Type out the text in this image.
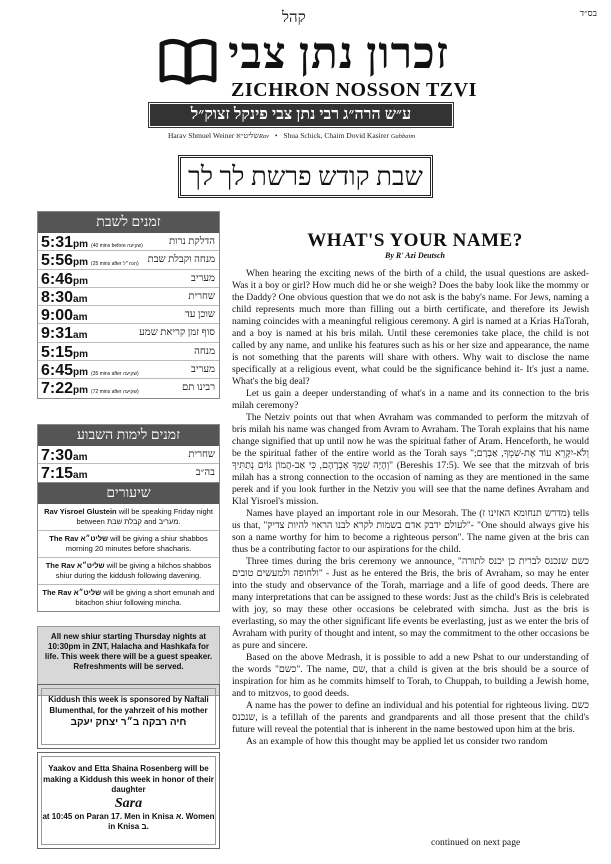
בס״ד
קהל
זכרון נתן צבי
ZICHRON NOSSON TZVI
ע״ש הרה״ג רבי נתן צבי פינקל זצוק״ל
Harav Shmuel Weiner שליט״אRav • Shua Schick, Chaim Dovid Kasirer Gabbaim
שבת קודש פרשת לך לך
זמנים לשבת
5:31pm (40 mins before שקיעה)	הדלקת נרות
5:56pm (25 mins after הנה״ל) מנחה וקבלת שבת
6:46pm	מעריב
8:30am	שחרית
9:00am	שוכן עד
9:31am	סוף זמן קריאת שמע
5:15pm	מנחה
6:45pm (35 mins after שקיעה)	מעריב
7:22pm (72 mins after שקיעה)	רבינו תם
זמנים לימות השבוע
7:30am	שחרית
7:15am	בה״ב
שיעורים
Rav Yisroel Glustein will be speaking Friday night between קבלת שבת and מעריב.
The Rav שליט״א will be giving a shiur shabbos morning 20 minutes before shacharis.
The Rav שליט״א will be giving a hilchos shabbos shiur during the kiddush following davening.
The Rav שליט״א will be giving a short emunah and bitachon shiur following mincha.
All new shiur starting Thursday nights at 10:30pm in ZNT, Halacha and Hashkafa for life. This week there will be a guest speaker. Refreshments will be served.
Kiddush this week is sponsored by Naftali Blumenthal, for the yahrzeit of his mother
חיה רבקה ב״ר יצחק יעקב
Yaakov and Etta Shaina Rosenberg will be making a Kiddush this week in honor of their daughter
Sara
at 10:45 on Paran 17. Men in Knisa א. Women in Knisa ב.
WHAT'S YOUR NAME?
By R' Azi Deutsch

When hearing the exciting news of the birth of a child, the usual questions are asked- Was it a boy or girl? How much did he or she weigh? Does the baby look like the mommy or the Daddy? One obvious question that we do not ask is the baby's name. For Jews, naming a child represents much more than filling out a birth certificate, and therefore its Jewish naming coincides with a meaningful religious ceremony. A girl is named at a Krias HaTorah, and a boy is named at his bris milah. Until these ceremonies take place, the child is not called by any name, and unlike his features such as his or her size and appearance, the name is not something that the parents will share with others. Why wait to disclose the name specifically at a religious event, what could be the significance behind it- It's just a name. What's the big deal?

Let us gain a deeper understanding of what's in a name and its connection to the bris milah ceremony?

The Netziv points out that when Avraham was commanded to perform the mitzvah of bris milah his name was changed from Avram to Avraham. The Torah explains that his name change signified that up until now he was the spiritual father of Aram. Henceforth, he would be the spiritual father of the entire world as the Torah says "וְלֹא-יִקָּרֵא עוֹד אֶת-שִׁמְךָ, אַבְרָם; וְהָיָה שִׁמְךָ אַבְרָהָם, כִּי אַב-הֲמוֹן גּוֹיִם נְתַתִּיךָ" (Bereshis 17:5). We see that the mitzvah of bris milah has a strong connection to the occasion of naming as they are mentioned in the same perek and if you look further in the Netziv you will see that the name defines Avraham and Klal Yisroel's mission.

Names have played an important role in our Mesorah. The (מדרש תנחומא האזינו ז) tells us that, "לעולם ידבק אדם בשמות לקרא לבנו הראוי להיות צדיק"- "One should always give his son a name worthy for him to become a righteous person". The name given at the bris can thus be a contributing factor to our aspirations for the child.

Three times during the bris ceremony we announce, "כשם שנכנס לברית כן יכנס לתורה ולחופה ולמעשים טובים" - Just as he entered the Bris, the bris of Avraham, so may he enter into the study and observance of the Torah, marriage and a life of good deeds. There are many interpretations that can be assigned to these words: Just as the child's Bris is celebrated with joy, so may these other occasions be celebrated with simcha. Just as the bris is everlasting, so may the other significant life events be everlasting, just as we enter the bris of Avraham with purity of thought and intent, so may the commitment to the other occasions be as pure and sincere.

Based on the above Medrash, it is possible to add a new Pshat to our understanding of the words "כשם". The name, שם, that a child is given at the bris should be a source of inspiration for him as he commits himself to Torah, to Chuppah, to building a Jewish home, and to mitzvos, to good deeds.

A name has the power to define an individual and his potential for righteous living. כשם שנכנס, is a tefillah of the parents and grandparents and all those present that the child's future will reveal the potential that is inherent in the name bestowed upon him at the bris.

As an example of how this thought may be applied let us consider two random

continued on next page
